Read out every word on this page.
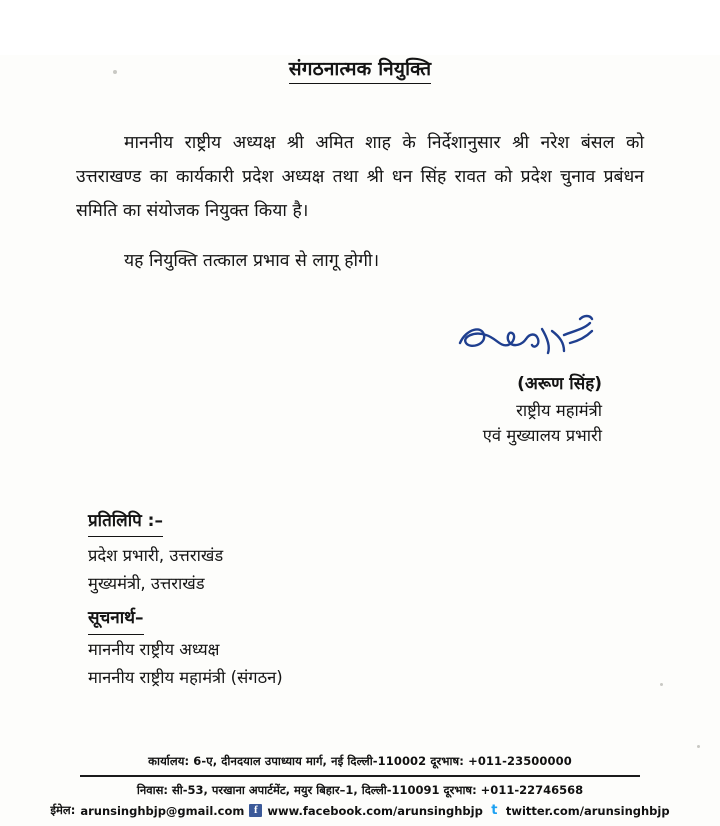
संगठनात्मक नियुक्ति

माननीय राष्ट्रीय अध्यक्ष श्री अमित शाह के निर्देशानुसार श्री नरेश बंसल को उत्तराखण्ड का कार्यकारी प्रदेश अध्यक्ष तथा श्री धन सिंह रावत को प्रदेश चुनाव प्रबंधन समिति का संयोजक नियुक्त किया है।

यह नियुक्ति तत्काल प्रभाव से लागू होगी।

(अरूण सिंह)
राष्ट्रीय महामंत्री
एवं मुख्यालय प्रभारी
प्रतिलिपि :–
प्रदेश प्रभारी, उत्तराखंड
मुख्यमंत्री, उत्तराखंड
सूचनार्थ–
माननीय राष्ट्रीय अध्यक्ष
माननीय राष्ट्रीय महामंत्री (संगठन)
कार्यालय: 6-ए, दीनदयाल उपाध्याय मार्ग, नई दिल्ली-110002 दूरभाष: +011-23500000
निवास: सी-53, परखाना अपार्टमेंट, मयुर बिहार–1, दिल्ली-110091 दूरभाष: +011-22746568
ईमेल: arunsinghbjp@gmail.com f www.facebook.com/arunsinghbjp t twitter.com/arunsinghbjp
